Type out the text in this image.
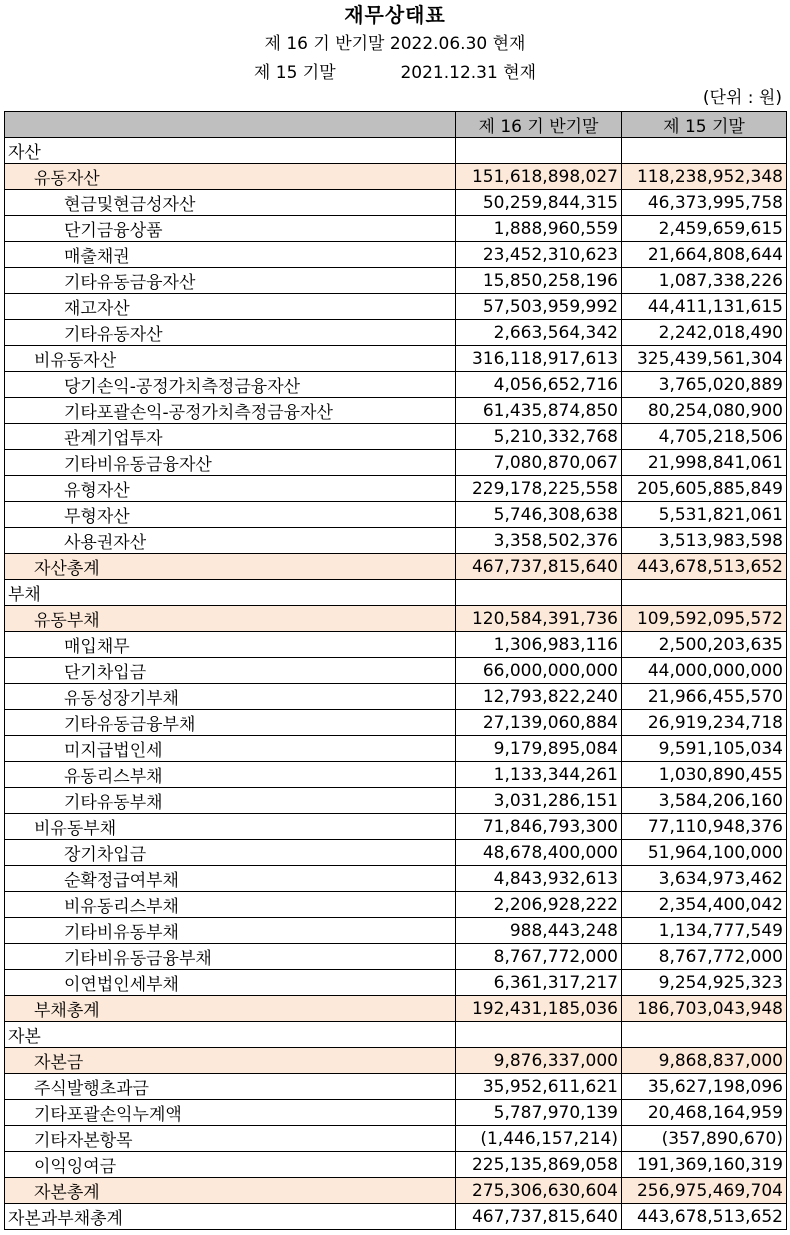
재무상태표
제 16 기 반기말 2022.06.30 현재
제 15 기말            2021.12.31 현재
(단위 : 원)
	제 16 기 반기말	제 15 기말
자산		
유동자산	151,618,898,027	118,238,952,348
현금및현금성자산	50,259,844,315	46,373,995,758
단기금융상품	1,888,960,559	2,459,659,615
매출채권	23,452,310,623	21,664,808,644
기타유동금융자산	15,850,258,196	1,087,338,226
재고자산	57,503,959,992	44,411,131,615
기타유동자산	2,663,564,342	2,242,018,490
비유동자산	316,118,917,613	325,439,561,304
당기손익-공정가치측정금융자산	4,056,652,716	3,765,020,889
기타포괄손익-공정가치측정금융자산	61,435,874,850	80,254,080,900
관계기업투자	5,210,332,768	4,705,218,506
기타비유동금융자산	7,080,870,067	21,998,841,061
유형자산	229,178,225,558	205,605,885,849
무형자산	5,746,308,638	5,531,821,061
사용권자산	3,358,502,376	3,513,983,598
자산총계	467,737,815,640	443,678,513,652
부채		
유동부채	120,584,391,736	109,592,095,572
매입채무	1,306,983,116	2,500,203,635
단기차입금	66,000,000,000	44,000,000,000
유동성장기부채	12,793,822,240	21,966,455,570
기타유동금융부채	27,139,060,884	26,919,234,718
미지급법인세	9,179,895,084	9,591,105,034
유동리스부채	1,133,344,261	1,030,890,455
기타유동부채	3,031,286,151	3,584,206,160
비유동부채	71,846,793,300	77,110,948,376
장기차입금	48,678,400,000	51,964,100,000
순확정급여부채	4,843,932,613	3,634,973,462
비유동리스부채	2,206,928,222	2,354,400,042
기타비유동부채	988,443,248	1,134,777,549
기타비유동금융부채	8,767,772,000	8,767,772,000
이연법인세부채	6,361,317,217	9,254,925,323
부채총계	192,431,185,036	186,703,043,948
자본		
자본금	9,876,337,000	9,868,837,000
주식발행초과금	35,952,611,621	35,627,198,096
기타포괄손익누계액	5,787,970,139	20,468,164,959
기타자본항목	(1,446,157,214)	(357,890,670)
이익잉여금	225,135,869,058	191,369,160,319
자본총계	275,306,630,604	256,975,469,704
자본과부채총계	467,737,815,640	443,678,513,652
